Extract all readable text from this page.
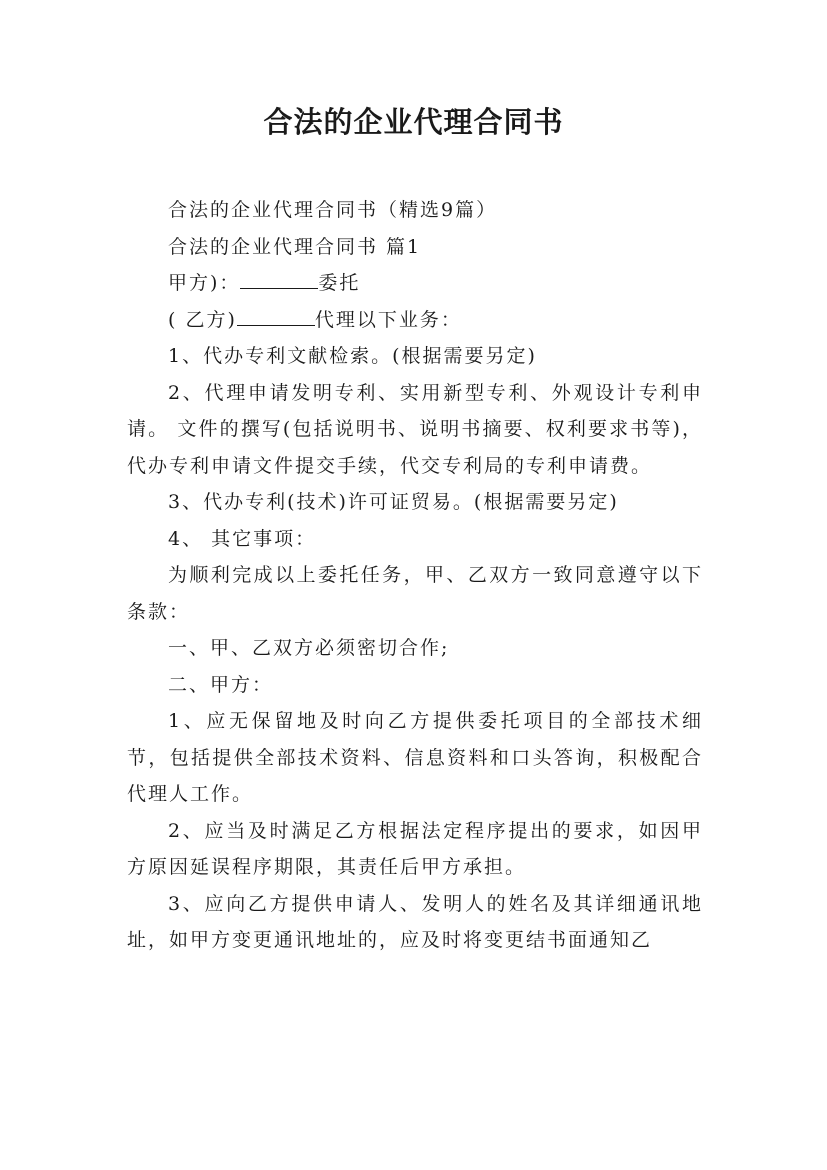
合法的企业代理合同书

合法的企业代理合同书（精选9篇）

合法的企业代理合同书 篇1

甲方)：	委托

( 乙方)	代理以下业务：

1、代办专利文献检索。(根据需要另定)

2、代理申请发明专利、实用新型专利、外观设计专利申请。 文件的撰写(包括说明书、说明书摘要、权利要求书等)，代办专利申请文件提交手续，代交专利局的专利申请费。

3、代办专利(技术)许可证贸易。(根据需要另定)

4、 其它事项：

为顺利完成以上委托任务，甲、乙双方一致同意遵守以下条款：

一、甲、乙双方必须密切合作;

二、甲方：

1、应无保留地及时向乙方提供委托项目的全部技术细节，包括提供全部技术资料、信息资料和口头答询，积极配合代理人工作。

2、应当及时满足乙方根据法定程序提出的要求，如因甲方原因延误程序期限，其责任后甲方承担。

3、应向乙方提供申请人、发明人的姓名及其详细通讯地址，如甲方变更通讯地址的，应及时将变更结书面通知乙
